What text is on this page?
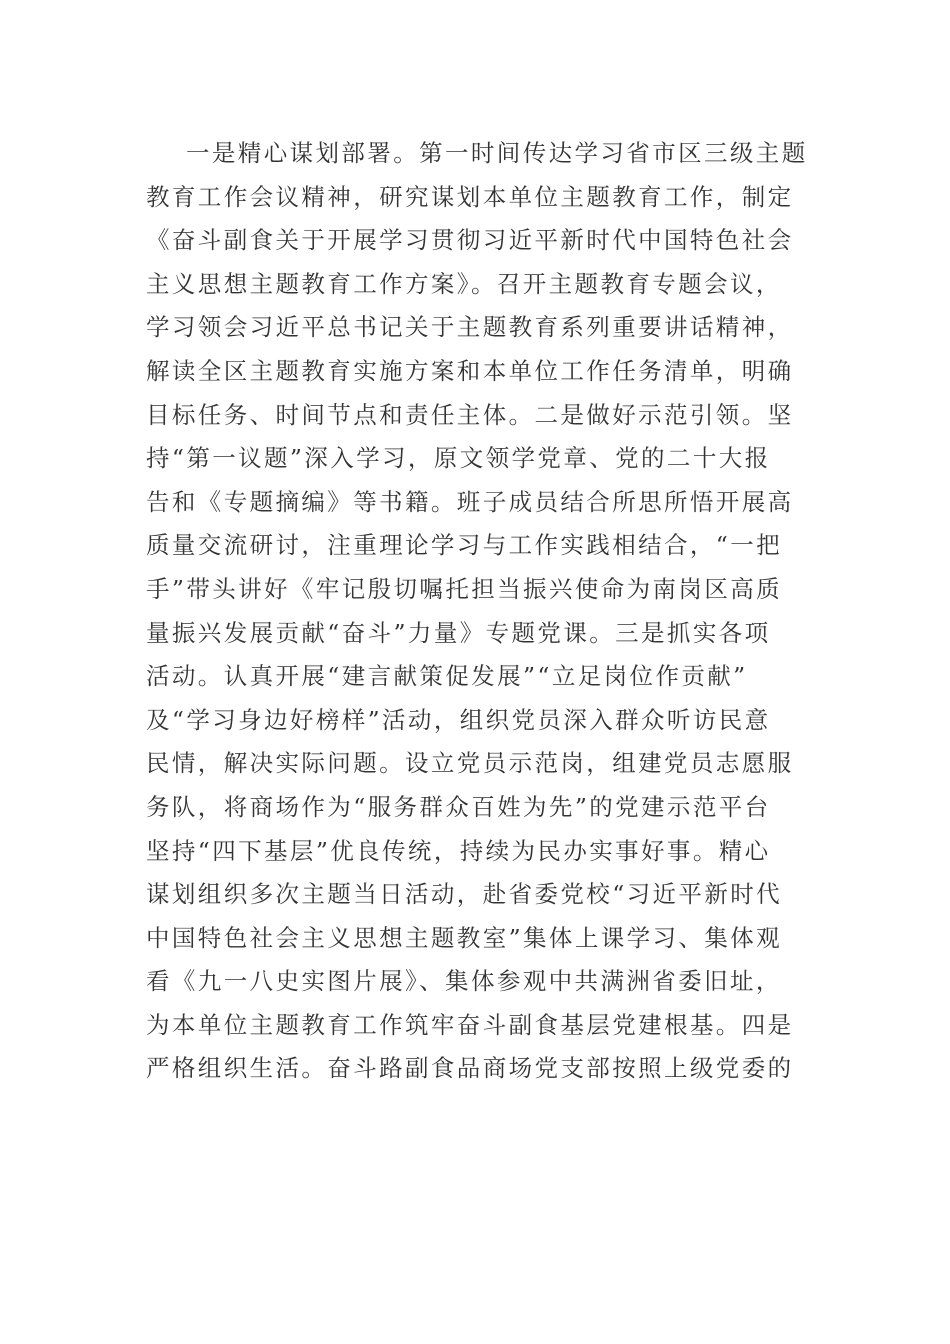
一是精心谋划部署。第一时间传达学习省市区三级主题
教育工作会议精神，研究谋划本单位主题教育工作，制定
《奋斗副食关于开展学习贯彻习近平新时代中国特色社会
主义思想主题教育工作方案》。召开主题教育专题会议，
学习领会习近平总书记关于主题教育系列重要讲话精神，
解读全区主题教育实施方案和本单位工作任务清单，明确
目标任务、时间节点和责任主体。二是做好示范引领。坚
持“第一议题”深入学习，原文领学党章、党的二十大报
告和《专题摘编》等书籍。班子成员结合所思所悟开展高
质量交流研讨，注重理论学习与工作实践相结合，“一把
手”带头讲好《牢记殷切嘱托担当振兴使命为南岗区高质
量振兴发展贡献“奋斗”力量》专题党课。三是抓实各项
活动。认真开展“建言献策促发展”“立足岗位作贡献”
及“学习身边好榜样”活动，组织党员深入群众听访民意
民情，解决实际问题。设立党员示范岗，组建党员志愿服
务队，将商场作为“服务群众百姓为先”的党建示范平台
坚持“四下基层”优良传统，持续为民办实事好事。精心
谋划组织多次主题当日活动，赴省委党校“习近平新时代
中国特色社会主义思想主题教室”集体上课学习、集体观
看《九一八史实图片展》、集体参观中共满洲省委旧址，
为本单位主题教育工作筑牢奋斗副食基层党建根基。四是
严格组织生活。奋斗路副食品商场党支部按照上级党委的
